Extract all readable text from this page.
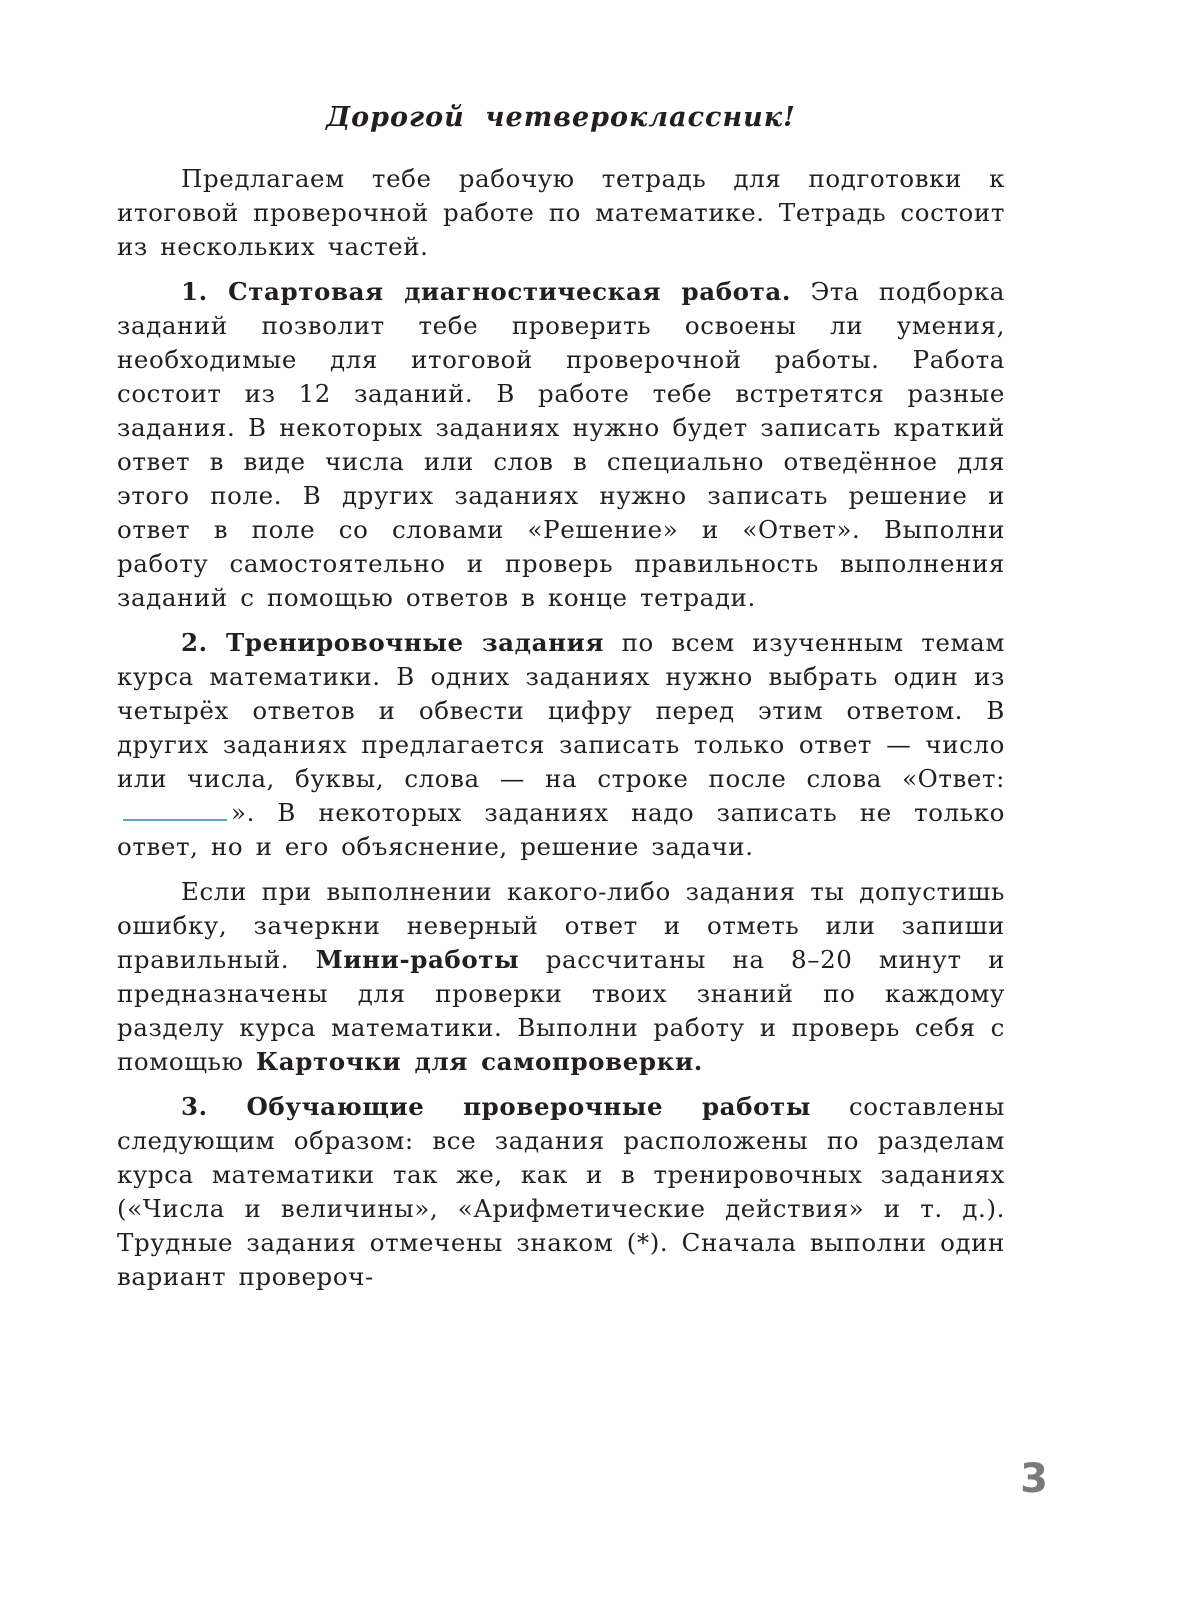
Дорогой четвероклассник!

Предлагаем тебе рабочую тетрадь для подготовки к итоговой проверочной работе по математике. Тетрадь состоит из нескольких частей.

1. Стартовая диагностическая работа. Эта подборка заданий позволит тебе проверить освоены ли умения, необходимые для итоговой проверочной работы. Работа состоит из 12 заданий. В работе тебе встретятся разные задания. В некоторых заданиях нужно будет записать краткий ответ в виде числа или слов в специально отведённое для этого поле. В других заданиях нужно записать решение и ответ в поле со словами «Решение» и «Ответ». Выполни работу самостоятельно и проверь правильность выполнения заданий с помощью ответов в конце тетради.

2. Тренировочные задания по всем изученным темам курса математики. В одних заданиях нужно выбрать один из четырёх ответов и обвести цифру перед этим ответом. В других заданиях предлагается записать только ответ — число или числа, буквы, слова — на строке после слова «Ответ:». В некоторых заданиях надо записать не только ответ, но и его объяснение, решение задачи.

Если при выполнении какого-либо задания ты допустишь ошибку, зачеркни неверный ответ и отметь или запиши правильный. Мини-работы рассчитаны на 8–20 минут и предназначены для проверки твоих знаний по каждому разделу курса математики. Выполни работу и проверь себя с помощью Карточки для самопроверки.

3. Обучающие проверочные работы составлены следующим образом: все задания расположены по разделам курса математики так же, как и в тренировочных заданиях («Числа и величины», «Арифметические действия» и т. д.). Трудные задания отмечены знаком (*). Сначала выполни один вариант провероч-

3
